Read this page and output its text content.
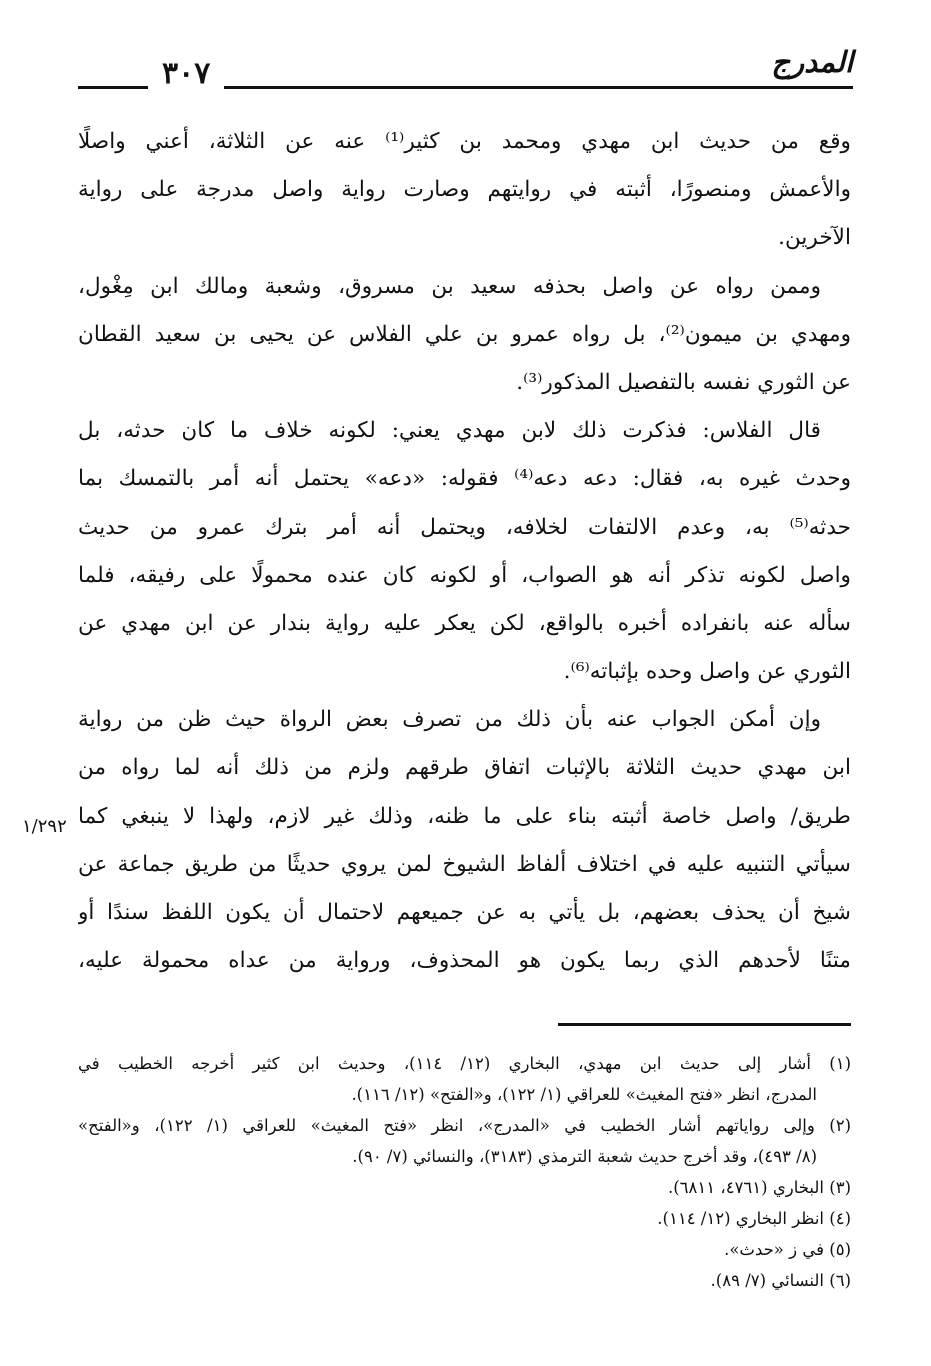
المدرج
٣٠٧
وقع من حديث ابن مهدي ومحمد بن كثير⁽¹⁾ عنه عن الثلاثة، أعني واصلًا
والأعمش ومنصورًا، أثبته في روايتهم وصارت رواية واصل مدرجة على رواية
الآخرين.
وممن رواه عن واصل بحذفه سعيد بن مسروق، وشعبة ومالك ابن مِغْول،
ومهدي بن ميمون⁽²⁾، بل رواه عمرو بن علي الفلاس عن يحيى بن سعيد القطان
عن الثوري نفسه بالتفصيل المذكور⁽³⁾.
قال الفلاس: فذكرت ذلك لابن مهدي يعني: لكونه خلاف ما كان حدثه، بل
وحدث غيره به، فقال: دعه دعه⁽⁴⁾ فقوله: «دعه» يحتمل أنه أمر بالتمسك بما
حدثه⁽⁵⁾ به، وعدم الالتفات لخلافه، ويحتمل أنه أمر بترك عمرو من حديث
واصل لكونه تذكر أنه هو الصواب، أو لكونه كان عنده محمولًا على رفيقه، فلما
سأله عنه بانفراده أخبره بالواقع، لكن يعكر عليه رواية بندار عن ابن مهدي عن
الثوري عن واصل وحده بإثباته⁽⁶⁾.
وإن أمكن الجواب عنه بأن ذلك من تصرف بعض الرواة حيث ظن من رواية
ابن مهدي حديث الثلاثة بالإثبات اتفاق طرقهم ولزم من ذلك أنه لما رواه من
طريق/ واصل خاصة أثبته بناء على ما ظنه، وذلك غير لازم، ولهذا لا ينبغي كما
سيأتي التنبيه عليه في اختلاف ألفاظ الشيوخ لمن يروي حديثًا من طريق جماعة عن
شيخ أن يحذف بعضهم، بل يأتي به عن جميعهم لاحتمال أن يكون اللفظ سندًا أو
متنًا لأحدهم الذي ربما يكون هو المحذوف، ورواية من عداه محمولة عليه،
١/٢٩٢
(١) أشار إلى حديث ابن مهدي، البخاري (١٢/ ١١٤)، وحديث ابن كثير أخرجه الخطيب في
المدرج، انظر «فتح المغيث» للعراقي (١/ ١٢٢)، و«الفتح» (١٢/ ١١٦).
(٢) وإلى رواياتهم أشار الخطيب في «المدرج»، انظر «فتح المغيث» للعراقي (١/ ١٢٢)، و«الفتح»
(٨/ ٤٩٣)، وقد أخرج حديث شعبة الترمذي (٣١٨٣)، والنسائي (٧/ ٩٠).
(٣) البخاري (٤٧٦١، ٦٨١١).
(٤) انظر البخاري (١٢/ ١١٤).
(٥) في ز «حدث».
(٦) النسائي (٧/ ٨٩).
